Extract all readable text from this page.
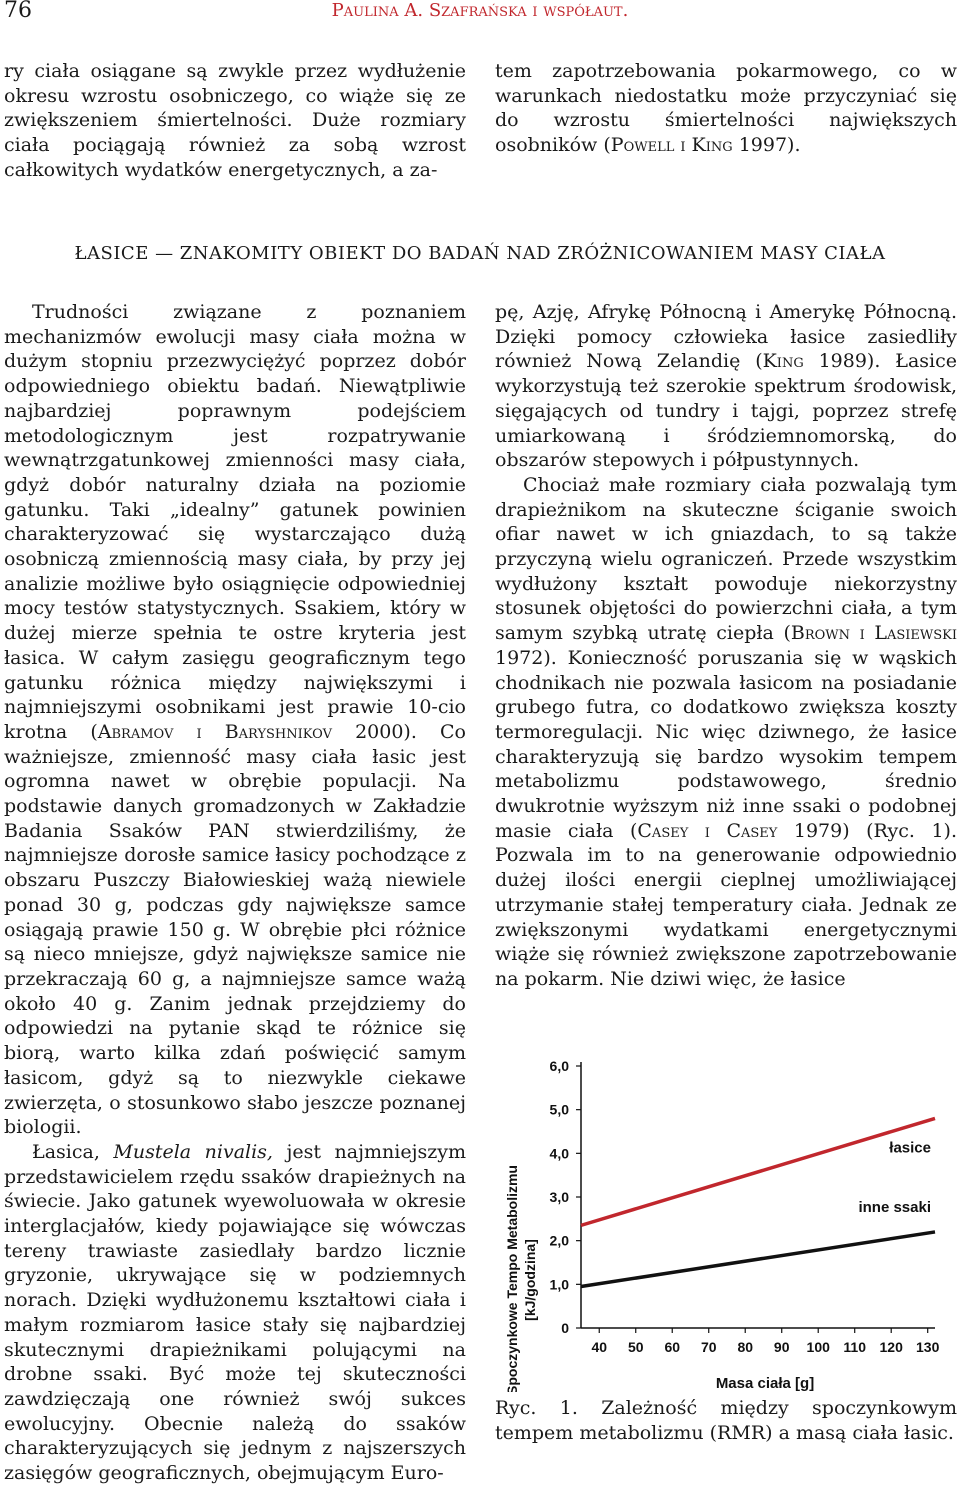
76	Paulina A. Szafrańska i współaut.

ry ciała osiągane są zwykle przez wydłużenie okresu wzrostu osobniczego, co wiąże się ze zwiększeniem śmiertelności. Duże rozmiary ciała pociągają również za sobą wzrost całkowitych wydatków energetycznych, a za-

tem zapotrzebowania pokarmowego, co w warunkach niedostatku może przyczyniać się do wzrostu śmiertelności największych osobników (Powell i King 1997).

ŁASICE — ZNAKOMITY OBIEKT DO BADAŃ NAD ZRÓŻNICOWANIEM MASY CIAŁA

Trudności związane z poznaniem mechanizmów ewolucji masy ciała można w dużym stopniu przezwyciężyć poprzez dobór odpowiedniego obiektu badań. Niewątpliwie najbardziej poprawnym podejściem metodologicznym jest rozpatrywanie wewnątrzgatunkowej zmienności masy ciała, gdyż dobór naturalny działa na poziomie gatunku. Taki „idealny” gatunek powinien charakteryzować się wystarczająco dużą osobniczą zmiennością masy ciała, by przy jej analizie możliwe było osiągnięcie odpowiedniej mocy testów statystycznych. Ssakiem, który w dużej mierze spełnia te ostre kryteria jest łasica. W całym zasięgu geograficznym tego gatunku różnica między największymi i najmniejszymi osobnikami jest prawie 10-cio krotna (Abramov i Baryshnikov 2000). Co ważniejsze, zmienność masy ciała łasic jest ogromna nawet w obrębie populacji. Na podstawie danych gromadzonych w Zakładzie Badania Ssaków PAN stwierdziliśmy, że najmniejsze dorosłe samice łasicy pochodzące z obszaru Puszczy Białowieskiej ważą niewiele ponad 30 g, podczas gdy największe samce osiągają prawie 150 g. W obrębie płci różnice są nieco mniejsze, gdyż największe samice nie przekraczają 60 g, a najmniejsze samce ważą około 40 g. Zanim jednak przejdziemy do odpowiedzi na pytanie skąd te różnice się biorą, warto kilka zdań poświęcić samym łasicom, gdyż są to niezwykle ciekawe zwierzęta, o stosunkowo słabo jeszcze poznanej biologii.

Łasica, Mustela nivalis, jest najmniejszym przedstawicielem rzędu ssaków drapieżnych na świecie. Jako gatunek wyewoluowała w okresie interglacjałów, kiedy pojawiające się wówczas tereny trawiaste zasiedlały bardzo licznie gryzonie, ukrywające się w podziemnych norach. Dzięki wydłużonemu kształtowi ciała i małym rozmiarom łasice stały się najbardziej skutecznymi drapieżnikami polującymi na drobne ssaki. Być może tej skuteczności zawdzięczają one również swój sukces ewolucyjny. Obecnie należą do ssaków charakteryzujących się jednym z najszerszych zasięgów geograficznych, obejmującym Euro-

pę, Azję, Afrykę Północną i Amerykę Północną. Dzięki pomocy człowieka łasice zasiedliły również Nową Zelandię (King 1989). Łasice wykorzystują też szerokie spektrum środowisk, sięgających od tundry i tajgi, poprzez strefę umiarkowaną i śródziemnomorską, do obszarów stepowych i półpustynnych.

Chociaż małe rozmiary ciała pozwalają tym drapieżnikom na skuteczne ściganie swoich ofiar nawet w ich gniazdach, to są także przyczyną wielu ograniczeń. Przede wszystkim wydłużony kształt powoduje niekorzystny stosunek objętości do powierzchni ciała, a tym samym szybką utratę ciepła (Brown i Lasiewski 1972). Konieczność poruszania się w wąskich chodnikach nie pozwala łasicom na posiadanie grubego futra, co dodatkowo zwiększa koszty termoregulacji. Nic więc dziwnego, że łasice charakteryzują się bardzo wysokim tempem metabolizmu podstawowego, średnio dwukrotnie wyższym niż inne ssaki o podobnej masie ciała (Casey i Casey 1979) (Ryc. 1). Pozwala im to na generowanie odpowiednio dużej ilości energii cieplnej umożliwiającej utrzymanie stałej temperatury ciała. Jednak ze zwiększonymi wydatkami energetycznymi wiąże się również zwiększone zapotrzebowanie na pokarm. Nie dziwi więc, że łasice

Spoczynkowe Tempo Metabolizmu [kJ/godzina]
Masa ciała [g]
0
1,0
2,0
3,0
4,0
5,0
6,0
40 50 60 70 80 90 100 110 120 130
łasice
inne ssaki
Ryc. 1. Zależność między spoczynkowym tempem metabolizmu (RMR) a masą ciała łasic.
